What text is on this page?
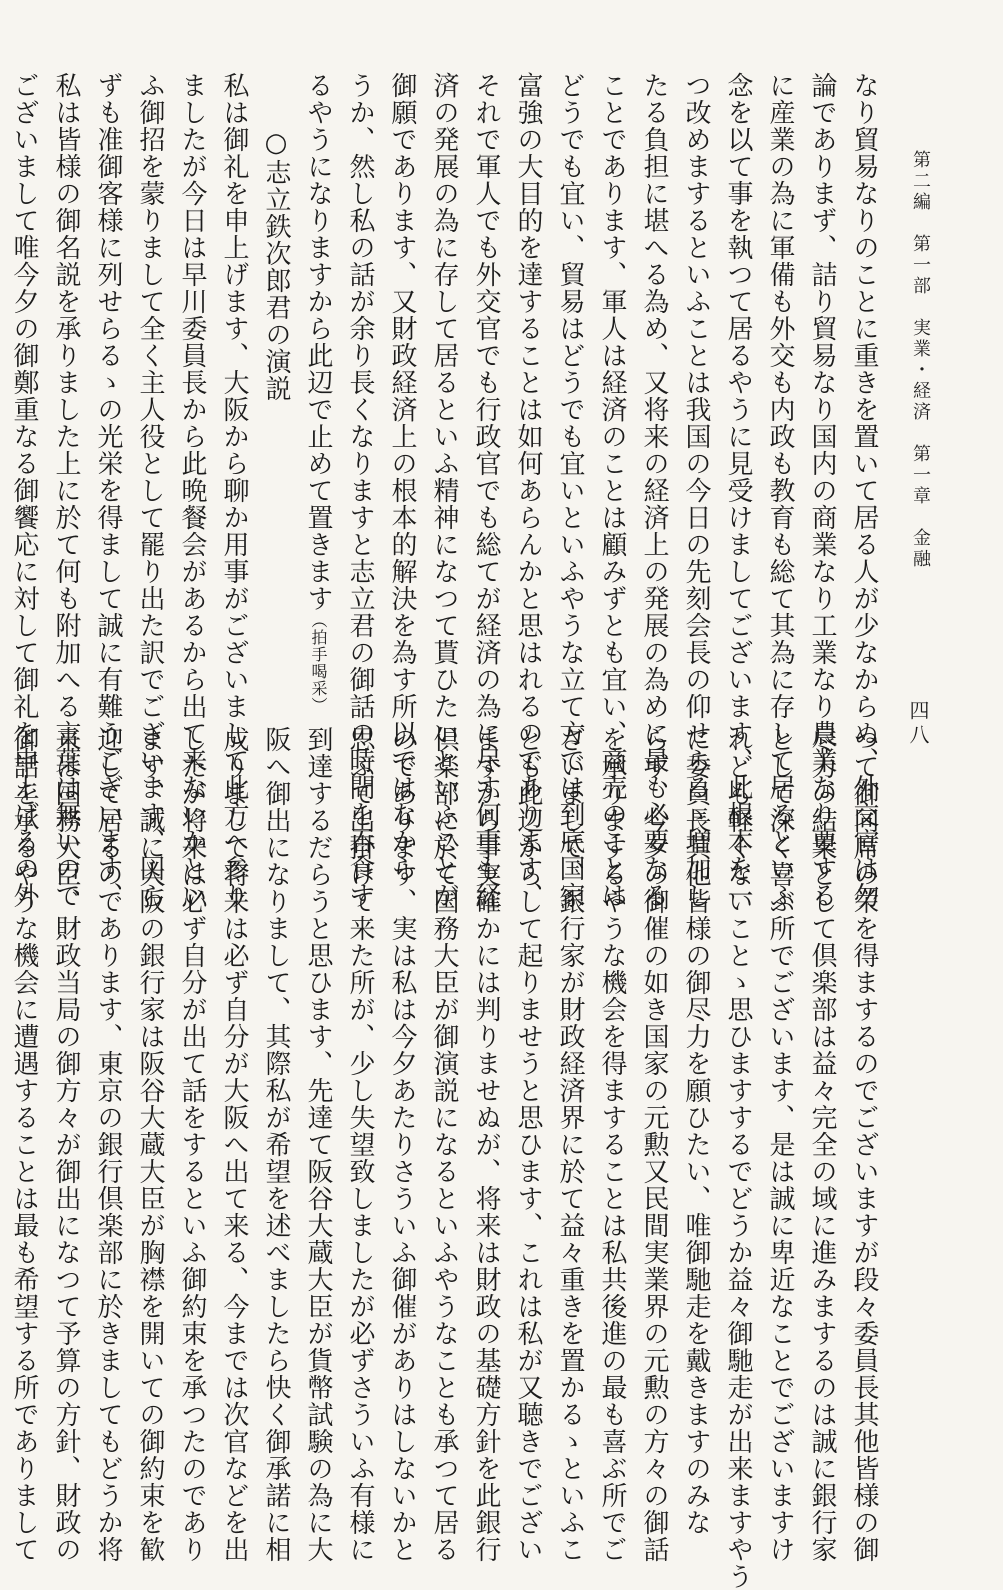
第二編　第一部　実業・経済　第一章　金融
四八
なり貿易なりのことに重きを置いて居る人が少なからぬ、外交官は勿
論でありまず、詰り貿易なり国内の商業なり工業なり農業なり要する
に産業の為に軍備も外交も内政も教育も総て其為に存して居るといふ
念を以て事を執つて居るやうに見受けましてございます、此根本を一
つ改めまするといふことは我国の今日の先刻会長の仰せらるゝ増加し
たる負担に堪へる為め、又将来の経済上の発展の為めに最も必要なる
ことであります、軍人は経済のことは顧みずとも宜い、商売のことは
どうでも宜い、貿易はどうでも宜いといふやうな立て方では到底国家
富強の大目的を達することは如何あらんかと思はれるのであります、
それで軍人でも外交官でも行政官でも総てが経済の為に尽す何事も経
済の発展の為に存して居るといふ精神になつて貰ひたいといふことが
御願であります、又財政経済上の根本的解決を為す所以ではなから
うか、然し私の話が余り長くなりますと志立君の御話の時間を吞食す
るやうになりますから此辺で止めて置きます（拍手喝采）
○志立鉄次郎君の演説
私は御礼を申上げます、大阪から聊か用事がございまして此方へ参り
ましたが今日は早川委員長から此晩餐会があるから出て来ないかとい
ふ御招を蒙りまして全く主人役として罷り出た訳でございます、図ら
ずも准御客様に列せらるゝの光栄を得まして誠に有難うございます、
私は皆様の御名説を承りました上に於て何も附加へる言葉は無いので
ございまして唯今夕の御鄭重なる御饗応に対して御礼を申上げるの外
つて御同席の栄を得まするのでございますが段々委員長其他皆様の御
尽力の結果として倶楽部は益々完全の域に進みまするのは誠に銀行家
として深く喜ぶ所でございます、是は誠に卑近なことでございますけ
れども軽くないことゝ思ひますするでどうか益々御馳走が出来ますやう
に委員長其他皆様の御尽力を願ひたい、唯御馳走を戴きますのみな
らず、今夕の御催の如き国家の元勲又民間実業界の元勲の方々の御話
を承りまするやうな機会を得ますることは私共後進の最も喜ぶ所でご
ざいまして、銀行家が財政経済界に於て益々重きを置かるゝといふこ
とも此辺からして起りませうと思ひます、これは私が又聴きでござい
ますから事実確かには判りませぬが、将来は財政の基礎方針を此銀行
倶楽部に於て国務大臣が御演説になるといふやうなことも承つて居る
のであります、実は私は今夕あたりさういふ御催がありはしないかと
思ふて出掛けて来た所が、少し失望致しましたが必ずさういふ有様に
到達するだらうと思ひます、先達て阪谷大蔵大臣が貨幣試験の為に大
阪へ御出になりまして、其際私が希望を述べましたら快く御承諾に相
成りまして将来は必ず自分が大阪へ出て来る、今までは次官などを出
したが将来は必ず自分が出て話をするといふ御約束を承つたのであり
ます、誠に大阪の銀行家は阪谷大蔵大臣が胸襟を開いての御約束を歓
迎して居るのであります、東京の銀行倶楽部に於きましてもどうか将
来は国務大臣、財政当局の御方々が御出になつて予算の方針、財政の
御話を承るやうな機会に遭遇することは最も希望する所でありまして
